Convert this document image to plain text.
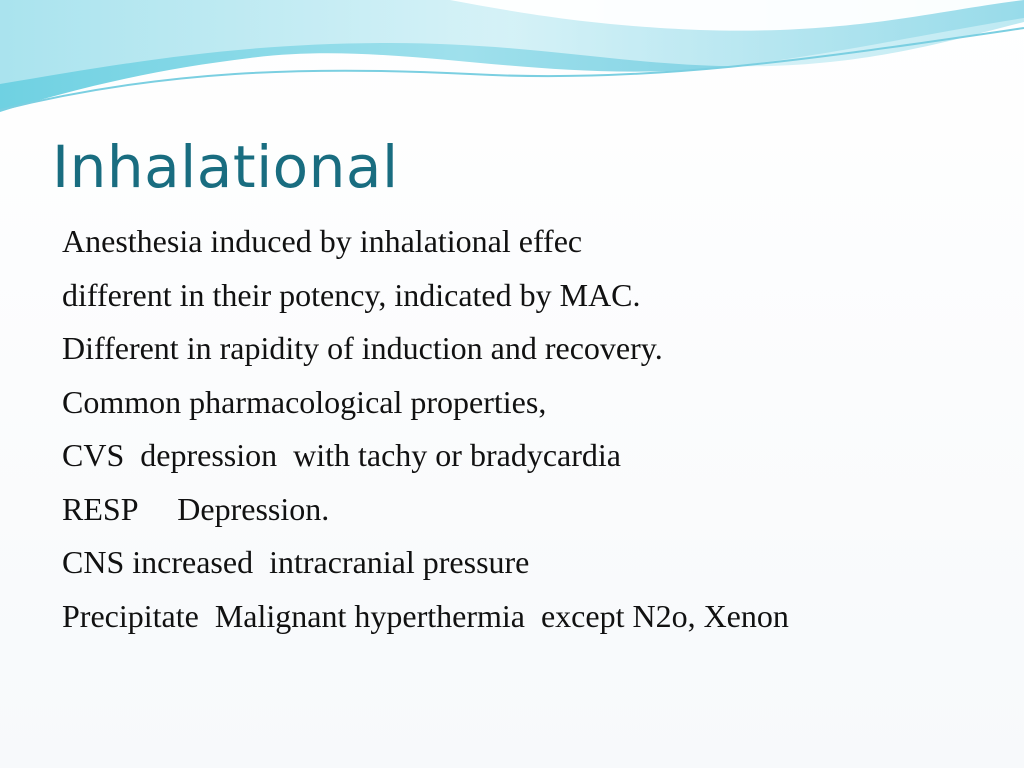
Inhalational
Anesthesia induced by inhalational effec
different in their potency, indicated by MAC.
Different in rapidity of induction and recovery.
Common pharmacological properties,
CVS  depression  with tachy or bradycardia
RESP     Depression.
CNS increased  intracranial pressure
Precipitate  Malignant hyperthermia  except N2o, Xenon
